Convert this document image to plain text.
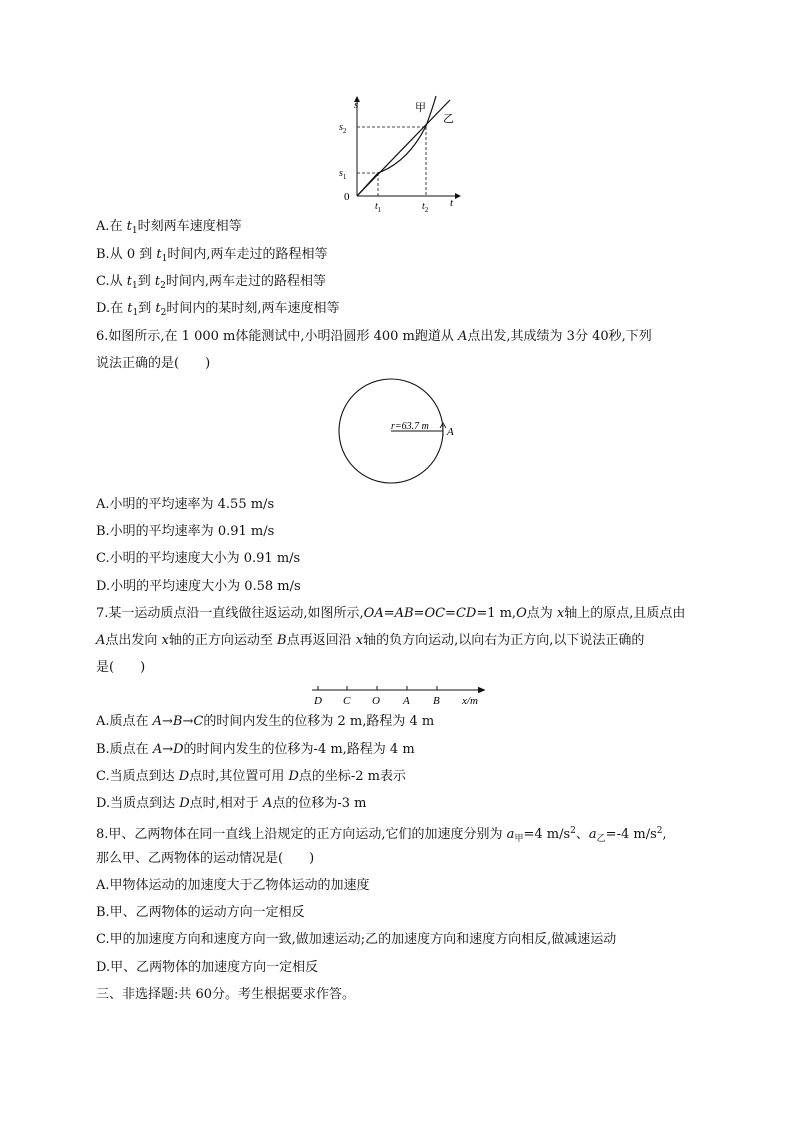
s
t
0
甲
乙
$s_2$
$s_1$
$t_1$	$t_2$
A.在 $t_1$时刻两车速度相等
B.从 0 到 $t_1$时间内,两车走过的路程相等
C.从 $t_1$到 $t_2$时间内,两车走过的路程相等
D.在 $t_1$到 $t_2$时间内的某时刻,两车速度相等
6.如图所示,在 1 000 m体能测试中,小明沿圆形 400 m跑道从 A点出发,其成绩为 3分 40秒,下列
说法正确的是(　　)
r=63.7 m A
A.小明的平均速率为 4.55 m/s
B.小明的平均速率为 0.91 m/s
C.小明的平均速度大小为 0.91 m/s
D.小明的平均速度大小为 0.58 m/s
7.某一运动质点沿一直线做往返运动,如图所示,OA=AB=OC=CD=1 m,O点为 x轴上的原点,且质点由
A点出发向 x轴的正方向运动至 B点再返回沿 x轴的负方向运动,以向右为正方向,以下说法正确的
是(　　)
D C O A B x/m
A.质点在 A→B→C的时间内发生的位移为 2 m,路程为 4 m
B.质点在 A→D的时间内发生的位移为-4 m,路程为 4 m
C.当质点到达 D点时,其位置可用 D点的坐标-2 m表示
D.当质点到达 D点时,相对于 A点的位移为-3 m
8.甲、乙两物体在同一直线上沿规定的正方向运动,它们的加速度分别为 $a_甲=4$ $m/s^2$、$a_乙=-4$ $m/s^2$,
那么甲、乙两物体的运动情况是(　　)
A.甲物体运动的加速度大于乙物体运动的加速度
B.甲、乙两物体的运动方向一定相反
C.甲的加速度方向和速度方向一致,做加速运动;乙的加速度方向和速度方向相反,做减速运动
D.甲、乙两物体的加速度方向一定相反
三、非选择题:共 60分。考生根据要求作答。
